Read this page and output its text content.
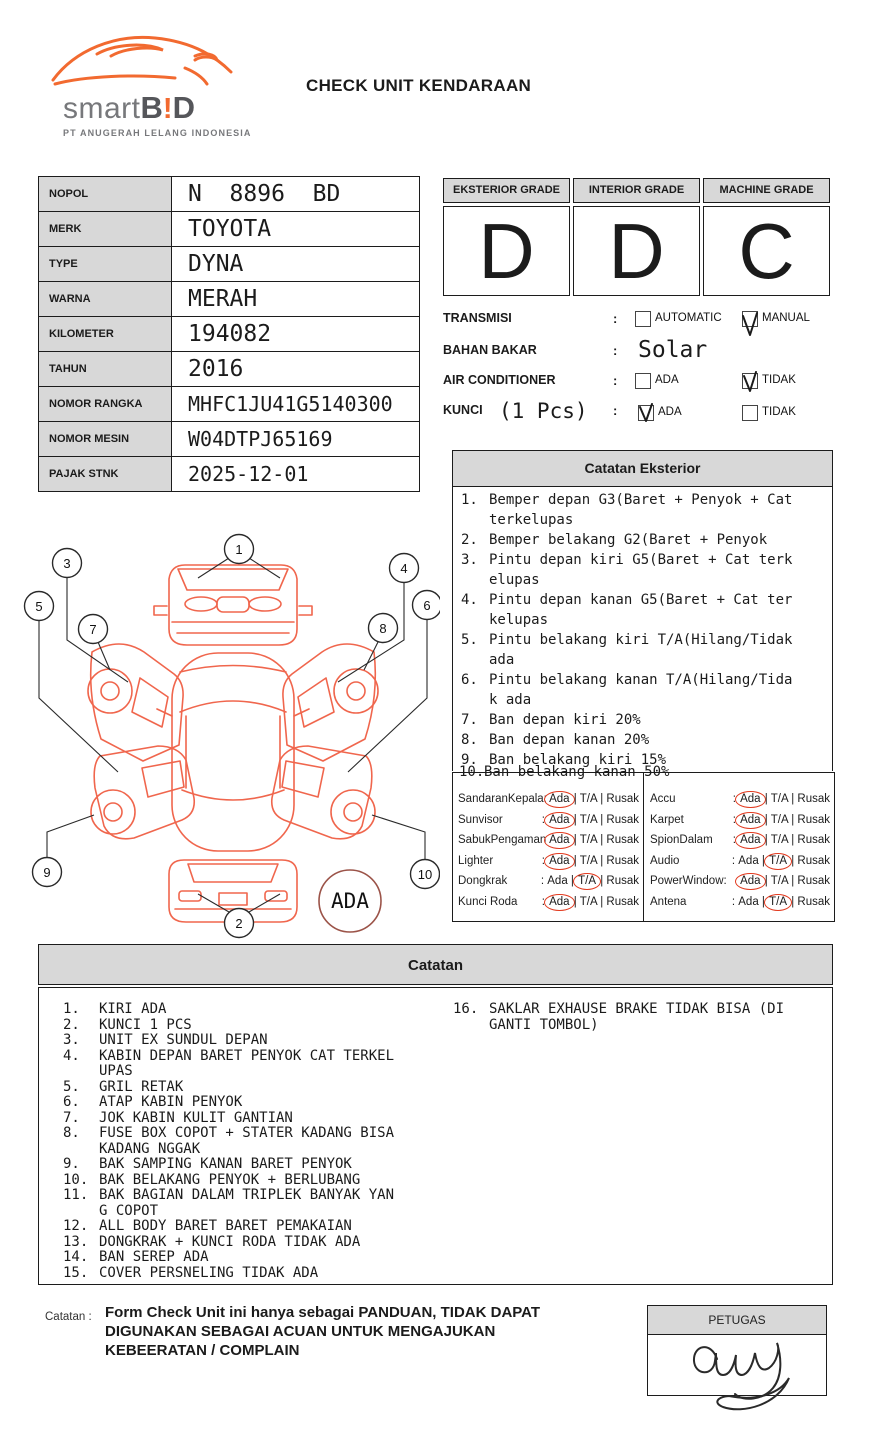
smartB!D
PT ANUGERAH LELANG INDONESIA
CHECK UNIT KENDARAAN
NOPOL	N  8896  BD
MERK	TOYOTA
TYPE	DYNA
WARNA	MERAH
KILOMETER	194082
TAHUN	2016
NOMOR RANGKA	MHFC1JU41G5140300
NOMOR MESIN	W04DTPJ65169
PAJAK STNK	2025-12-01
EKSTERIOR GRADE
D
INTERIOR GRADE
D
MACHINE GRADE
C
TRANSMISI	:	AUTOMATIC	MANUAL
BAHAN BAKAR	: Solar
AIR CONDITIONER	:	ADA	TIDAK
KUNCI (1 Pcs) :	ADA	TIDAK
Catatan Eksterior
1. Bemper depan G3(Baret + Penyok + Cat terkelupas
2. Bemper belakang G2(Baret + Penyok
3. Pintu depan kiri G5(Baret + Cat terkelupas
4. Pintu depan kanan G5(Baret + Cat terkelupas
5. Pintu belakang kiri T/A(Hilang/Tidak ada
6. Pintu belakang kanan T/A(Hilang/Tidak ada
7. Ban depan kiri 20%
8. Ban depan kanan 20%
9. Ban belakang kiri 15%
10. Ban belakang kanan 50%
SandaranKepala: Ada | T/A | Rusak
Sunvisor	: Ada | T/A | Rusak
SabukPengaman Ada | T/A | Rusak
Lighter	: Ada | T/A | Rusak
Dongkrak	: Ada | T/A | Rusak
Kunci Roda : Ada | T/A | Rusak
Accu	: Ada | T/A | Rusak
Karpet	: Ada | T/A | Rusak
SpionDalam : Ada | T/A | Rusak
Audio	: Ada | T/A | Rusak
PowerWindow: Ada | T/A | Rusak
Antena	: Ada | T/A | Rusak
1
2
3	4
5	6
7	8
9	10
ADA
Catatan
1.	KIRI ADA
2.	KUNCI 1 PCS
3.	UNIT EX SUNDUL DEPAN
4.	KABIN DEPAN BARET PENYOK CAT TERKELUPAS
5.	GRIL RETAK
6.	ATAP KABIN PENYOK
7.	JOK KABIN KULIT GANTIAN
8.	FUSE BOX COPOT + STATER KADANG BISA KADANG NGGAK
9.	BAK SAMPING KANAN BARET PENYOK
10. BAK BELAKANG PENYOK + BERLUBANG
11. BAK BAGIAN DALAM TRIPLEK BANYAK YANG COPOT
12. ALL BODY BARET BARET PEMAKAIAN
13. DONGKRAK + KUNCI RODA TIDAK ADA
14. BAN SEREP ADA
15. COVER PERSNELING TIDAK ADA
16. SAKLAR EXHAUSE BRAKE TIDAK BISA (DI GANTI TOMBOL)
Catatan : Form Check Unit ini hanya sebagai PANDUAN, TIDAK DAPAT DIGUNAKAN SEBAGAI ACUAN UNTUK MENGAJUKAN KEBEERATAN / COMPLAIN
PETUGAS
